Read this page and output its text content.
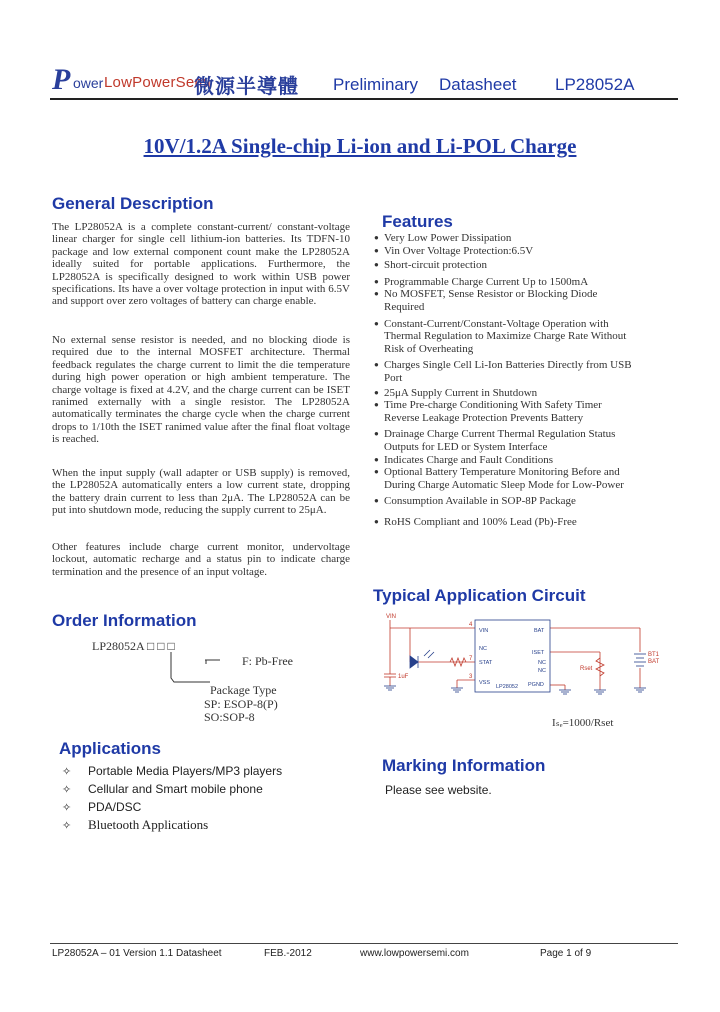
P ower LowPowerSemi
微源半導體 Preliminary Datasheet LP28052A
10V/1.2A Single-chip Li-ion and Li-POL Charge
General Description
The LP28052A is a complete constant-current/ constant-voltage linear charger for single cell lithium-ion batteries. Its TDFN-10 package and low external component count make the LP28052A ideally suited for portable applications. Furthermore, the LP28052A is specifically designed to work within USB power specifications. Its have a over voltage protection in input with 6.5V and support over zero voltages of battery can charge enable.
No external sense resistor is needed, and no blocking diode is required due to the internal MOSFET architecture. Thermal feedback regulates the charge current to limit the die temperature during high power operation or high ambient temperature. The charge voltage is fixed at 4.2V, and the charge current can be ISET ranimed externally with a single resistor. The LP28052A automatically terminates the charge cycle when the charge current drops to 1/10th the ISET ranimed value after the final float voltage is reached.
When the input supply (wall adapter or USB supply) is removed, the LP28052A automatically enters a low current state, dropping the battery drain current to less than 2μA. The LP28052A can be put into shutdown mode, reducing the supply current to 25μA.
Other features include charge current monitor, undervoltage lockout, automatic recharge and a status pin to indicate charge termination and the presence of an input voltage.
Features
● Very Low Power Dissipation
● Vin Over Voltage Protection:6.5V
● Short-circuit protection
● Programmable Charge Current Up to 1500mA
● No MOSFET, Sense Resistor or Blocking Diode
Required
● Constant-Current/Constant-Voltage Operation with
Thermal Regulation to Maximize Charge Rate Without
Risk of Overheating
● Charges Single Cell Li-Ion Batteries Directly from USB
Port
● 25μA Supply Current in Shutdown
● Time Pre-charge Conditioning With Safety Timer
Reverse Leakage Protection Prevents Battery
● Drainage Charge Current Thermal Regulation Status
Outputs for LED or System Interface
● Indicates Charge and Fault Conditions
● Optional Battery Temperature Monitoring Before and
During Charge Automatic Sleep Mode for Low-Power
● Consumption Available in SOP-8P Package
● RoHS Compliant and 100% Lead (Pb)-Free
Typical Application Circuit
VIN
1uF
Rset
BT1
BAT
4
7
3
VIN
NC
STAT
VSS
BAT
ISET
NC
NC
PGND
LP28052
Iₛₑ=1000/Rset
Order Information
LP28052A □ □ □
F: Pb-Free
Package Type
SP: ESOP-8(P)
SO:SOP-8
Applications
✧ Portable Media Players/MP3 players
✧ Cellular and Smart mobile phone
✧ PDA/DSC
✧ Bluetooth Applications
Marking Information
Please see website.
LP28052A – 01 Version 1.1 Datasheet	FEB.-2012	www.lowpowersemi.com	Page 1 of 9
